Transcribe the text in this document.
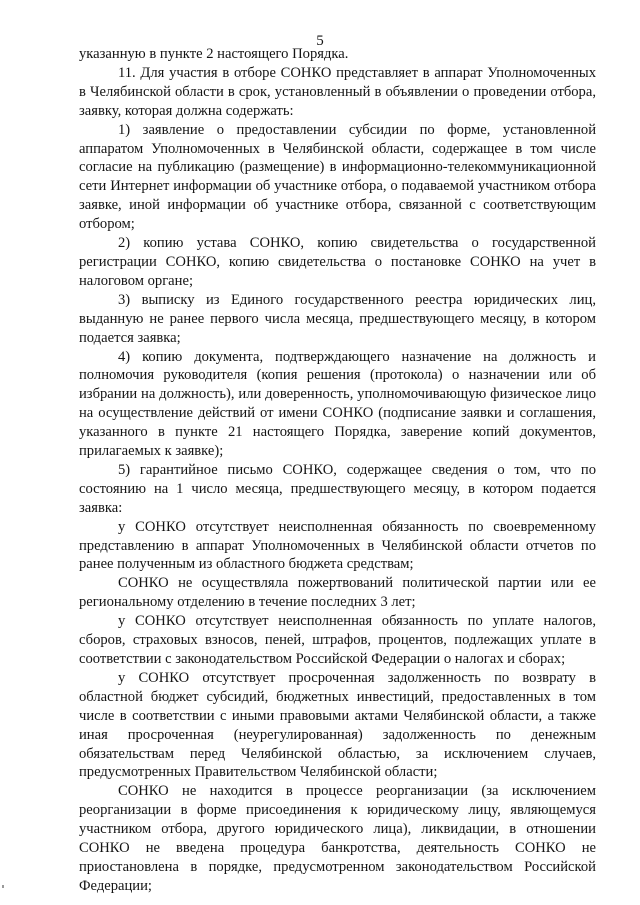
5

указанную в пункте 2 настоящего Порядка.

11. Для участия в отборе СОНКО представляет в аппарат Уполномоченных в Челябинской области в срок, установленный в объявлении о проведении отбора, заявку, которая должна содержать:

1) заявление о предоставлении субсидии по форме, установленной аппаратом Уполномоченных в Челябинской области, содержащее в том числе согласие на публикацию (размещение) в информационно-телекоммуникационной сети Интернет информации об участнике отбора, о подаваемой участником отбора заявке, иной информации об участнике отбора, связанной с соответствующим отбором;

2) копию устава СОНКО, копию свидетельства о государственной регистрации СОНКО, копию свидетельства о постановке СОНКО на учет в налоговом органе;

3) выписку из Единого государственного реестра юридических лиц, выданную не ранее первого числа месяца, предшествующего месяцу, в котором подается заявка;

4) копию документа, подтверждающего назначение на должность и полномочия руководителя (копия решения (протокола) о назначении или об избрании на должность), или доверенность, уполномочивающую физическое лицо на осуществление действий от имени СОНКО (подписание заявки и соглашения, указанного в пункте 21 настоящего Порядка, заверение копий документов, прилагаемых к заявке);

5) гарантийное письмо СОНКО, содержащее сведения о том, что по состоянию на 1 число месяца, предшествующего месяцу, в котором подается заявка:

у СОНКО отсутствует неисполненная обязанность по своевременному представлению в аппарат Уполномоченных в Челябинской области отчетов по ранее полученным из областного бюджета средствам;

СОНКО не осуществляла пожертвований политической партии или ее региональному отделению в течение последних 3 лет;

у СОНКО отсутствует неисполненная обязанность по уплате налогов, сборов, страховых взносов, пеней, штрафов, процентов, подлежащих уплате в соответствии с законодательством Российской Федерации о налогах и сборах;

у СОНКО отсутствует просроченная задолженность по возврату в областной бюджет субсидий, бюджетных инвестиций, предоставленных в том числе в соответствии с иными правовыми актами Челябинской области, а также иная просроченная (неурегулированная) задолженность по денежным обязательствам перед Челябинской областью, за исключением случаев, предусмотренных Правительством Челябинской области;

СОНКО не находится в процессе реорганизации (за исключением реорганизации в форме присоединения к юридическому лицу, являющемуся участником отбора, другого юридического лица), ликвидации, в отношении СОНКО не введена процедура банкротства, деятельность СОНКО не приостановлена в порядке, предусмотренном законодательством Российской Федерации;
